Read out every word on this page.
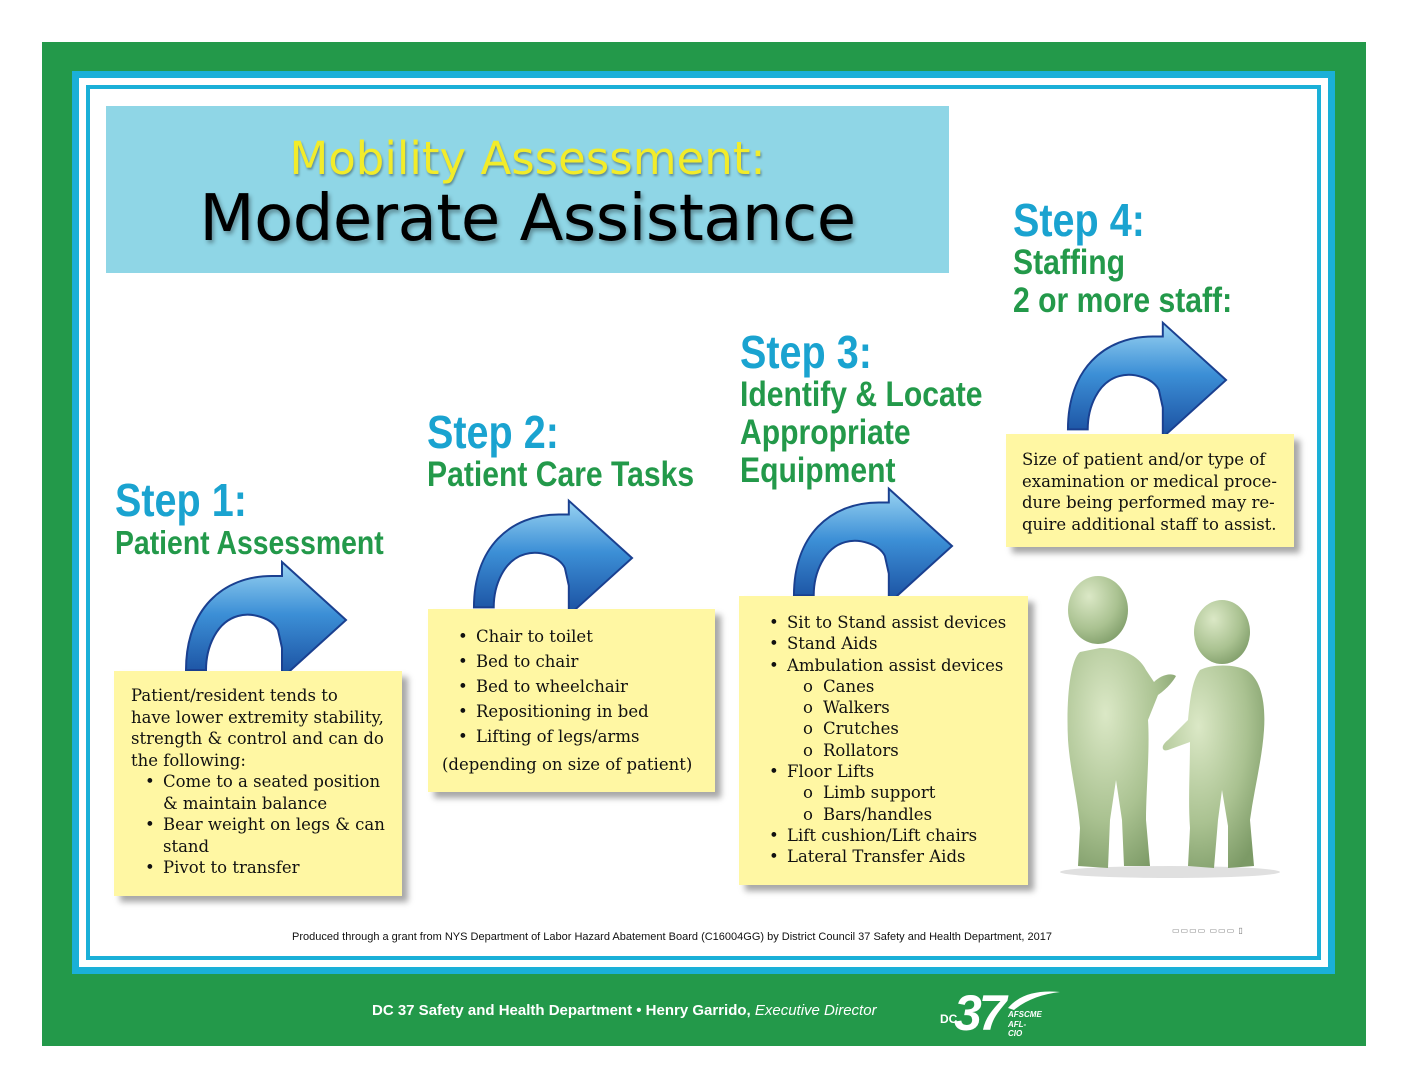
Mobility Assessment:
Moderate Assistance
Step 1:
Patient Assessment
Step 2:
Patient Care Tasks
Step 3:
Identify & Locate
Appropriate
Equipment
Step 4:
Staffing
2 or more staff:
Patient/resident tends to
have lower extremity stability,
strength & control and can do
the following:
• Come to a seated position & maintain balance
• Bear weight on legs & can stand
• Pivot to transfer
• Chair to toilet
• Bed to chair
• Bed to wheelchair
• Repositioning in bed
• Lifting of legs/arms
(depending on size of patient)
• Sit to Stand assist devices
• Stand Aids
• Ambulation assist devices
o Canes
o Walkers
o Crutches
o Rollators
• Floor Lifts
o Limb support
o Bars/handles
• Lift cushion/Lift chairs
• Lateral Transfer Aids
Size of patient and/or type of
examination or medical proce-
dure being performed may re-
quire additional staff to assist.
Produced through a grant from NYS Department of Labor Hazard Abatement Board (C16004GG) by District Council 37 Safety and Health Department, 2017
▭▭▭▭ ▭▭▭ ▯
DC 37 Safety and Health Department • Henry Garrido, Executive Director	DC
37 AFSCME
AFL-CIO
